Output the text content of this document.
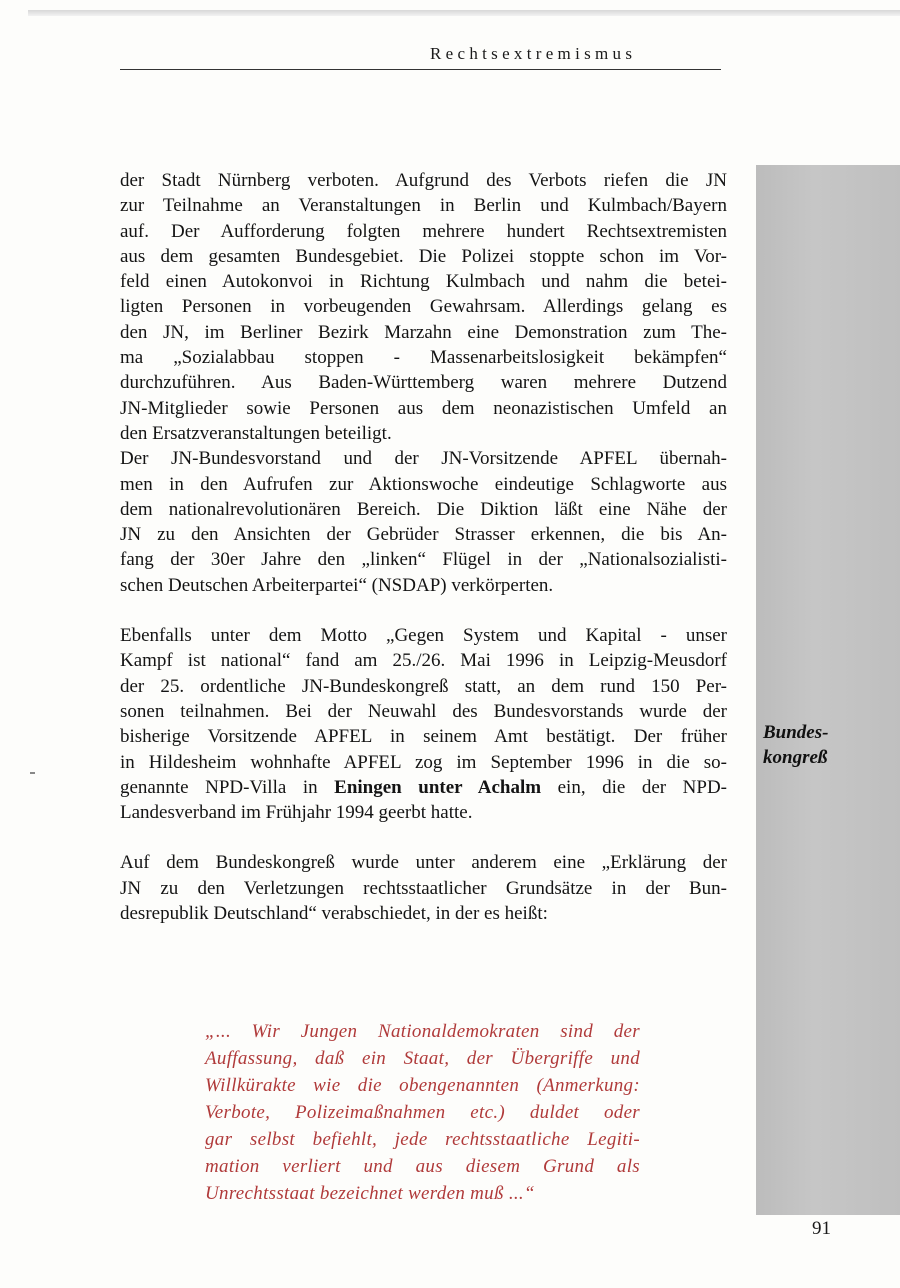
Rechtsextremismus
Bundes-
kongreß
der Stadt Nürnberg verboten. Aufgrund des Verbots riefen die JN
zur Teilnahme an Veranstaltungen in Berlin und Kulmbach/Bayern
auf. Der Aufforderung folgten mehrere hundert Rechtsextremisten
aus dem gesamten Bundesgebiet. Die Polizei stoppte schon im Vor-
feld einen Autokonvoi in Richtung Kulmbach und nahm die betei-
ligten Personen in vorbeugenden Gewahrsam. Allerdings gelang es
den JN, im Berliner Bezirk Marzahn eine Demonstration zum The-
ma „Sozialabbau stoppen - Massenarbeitslosigkeit bekämpfen“
durchzuführen. Aus Baden-Württemberg waren mehrere Dutzend
JN-Mitglieder sowie Personen aus dem neonazistischen Umfeld an
den Ersatzveranstaltungen beteiligt.
Der JN-Bundesvorstand und der JN-Vorsitzende APFEL übernah-
men in den Aufrufen zur Aktionswoche eindeutige Schlagworte aus
dem nationalrevolutionären Bereich. Die Diktion läßt eine Nähe der
JN zu den Ansichten der Gebrüder Strasser erkennen, die bis An-
fang der 30er Jahre den „linken“ Flügel in der „Nationalsozialisti-
schen Deutschen Arbeiterpartei“ (NSDAP) verkörperten.
Ebenfalls unter dem Motto „Gegen System und Kapital - unser
Kampf ist national“ fand am 25./26. Mai 1996 in Leipzig-Meusdorf
der 25. ordentliche JN-Bundeskongreß statt, an dem rund 150 Per-
sonen teilnahmen. Bei der Neuwahl des Bundesvorstands wurde der
bisherige Vorsitzende APFEL in seinem Amt bestätigt. Der früher
in Hildesheim wohnhafte APFEL zog im September 1996 in die so-
genannte NPD-Villa in Eningen unter Achalm ein, die der NPD-
Landesverband im Frühjahr 1994 geerbt hatte.
Auf dem Bundeskongreß wurde unter anderem eine „Erklärung der
JN zu den Verletzungen rechtsstaatlicher Grundsätze in der Bun-
desrepublik Deutschland“ verabschiedet, in der es heißt:
„... Wir Jungen Nationaldemokraten sind der
Auffassung, daß ein Staat, der Übergriffe und
Willkürakte wie die obengenannten (Anmerkung:
Verbote, Polizeimaßnahmen etc.) duldet oder
gar selbst befiehlt, jede rechtsstaatliche Legiti-
mation verliert und aus diesem Grund als
Unrechtsstaat bezeichnet werden muß ...“
91
